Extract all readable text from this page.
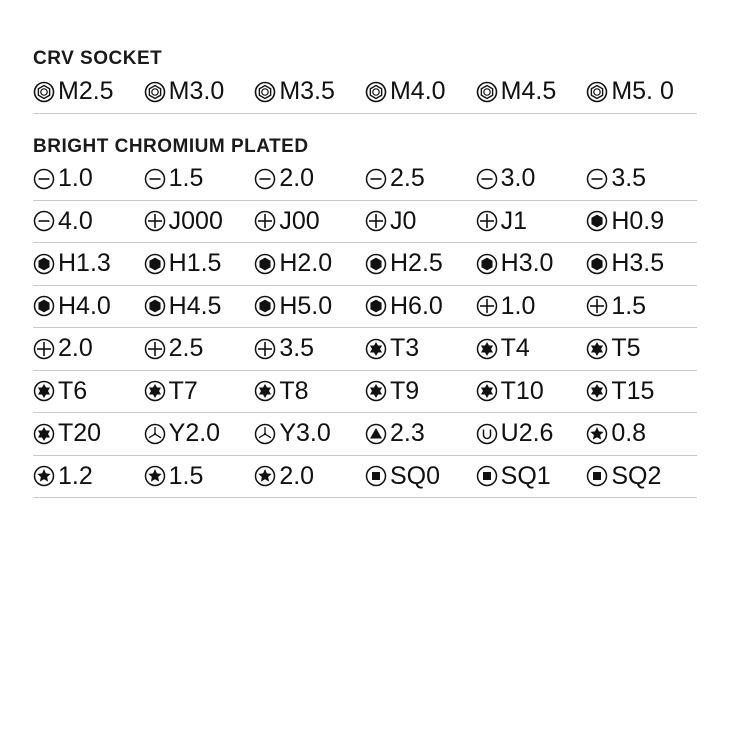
CRV SOCKET
M2.5 M3.0 M3.5 M4.0 M4.5 M5. 0
BRIGHT CHROMIUM PLATED
1.0	1.5	2.0	2.5	3.0	3.5
4.0	J000 J00	J0	J1	H0.9
H1.3 H1.5 H2.0 H2.5 H3.0 H3.5
H4.0 H4.5 H5.0 H6.0 1.0	1.5
2.0	2.5	3.5	T3	T4	T5
T6	T7	T8	T9	T10	T15
T20	Y2.0 Y3.0 2.3	U2.6 0.8
1.2	1.5	2.0	SQ0 SQ1 SQ2
